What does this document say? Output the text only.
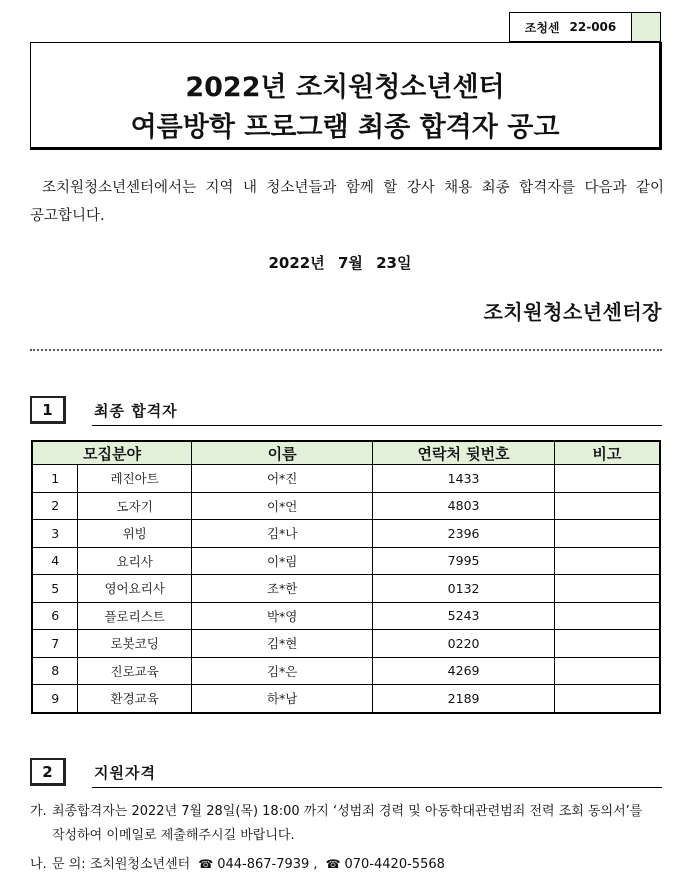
조청센 22-006
2022년 조치원청소년센터
여름방학 프로그램 최종 합격자 공고
조치원청소년센터에서는 지역 내 청소년들과 함께 할 강사 채용 최종 합격자를 다음과 같이 공고합니다.
2022년 7월 23일
조치원청소년센터장
1	최종 합격자
모집분야		이름	연락처 뒷번호	비고
1	레진아트	어*진	1433	
2	도자기	이*언	4803	
3	위빙	김*나	2396	
4	요리사	이*림	7995	
5	영어요리사	조*한	0132	
6	플로리스트	박*영	5243	
7	로봇코딩	김*현	0220	
8	진로교육	김*은	4269	
9	환경교육	하*남	2189	
2	지원자격
가. 최종합격자는 2022년 7월 28일(목) 18:00 까지 ‘성범죄 경력 및 아동학대관련범죄 전력 조회 동의서’를
작성하여 이메일로 제출해주시길 바랍니다.
나. 문 의: 조치원청소년센터 ☎ 044-867-7939 , ☎ 070-4420-5568
